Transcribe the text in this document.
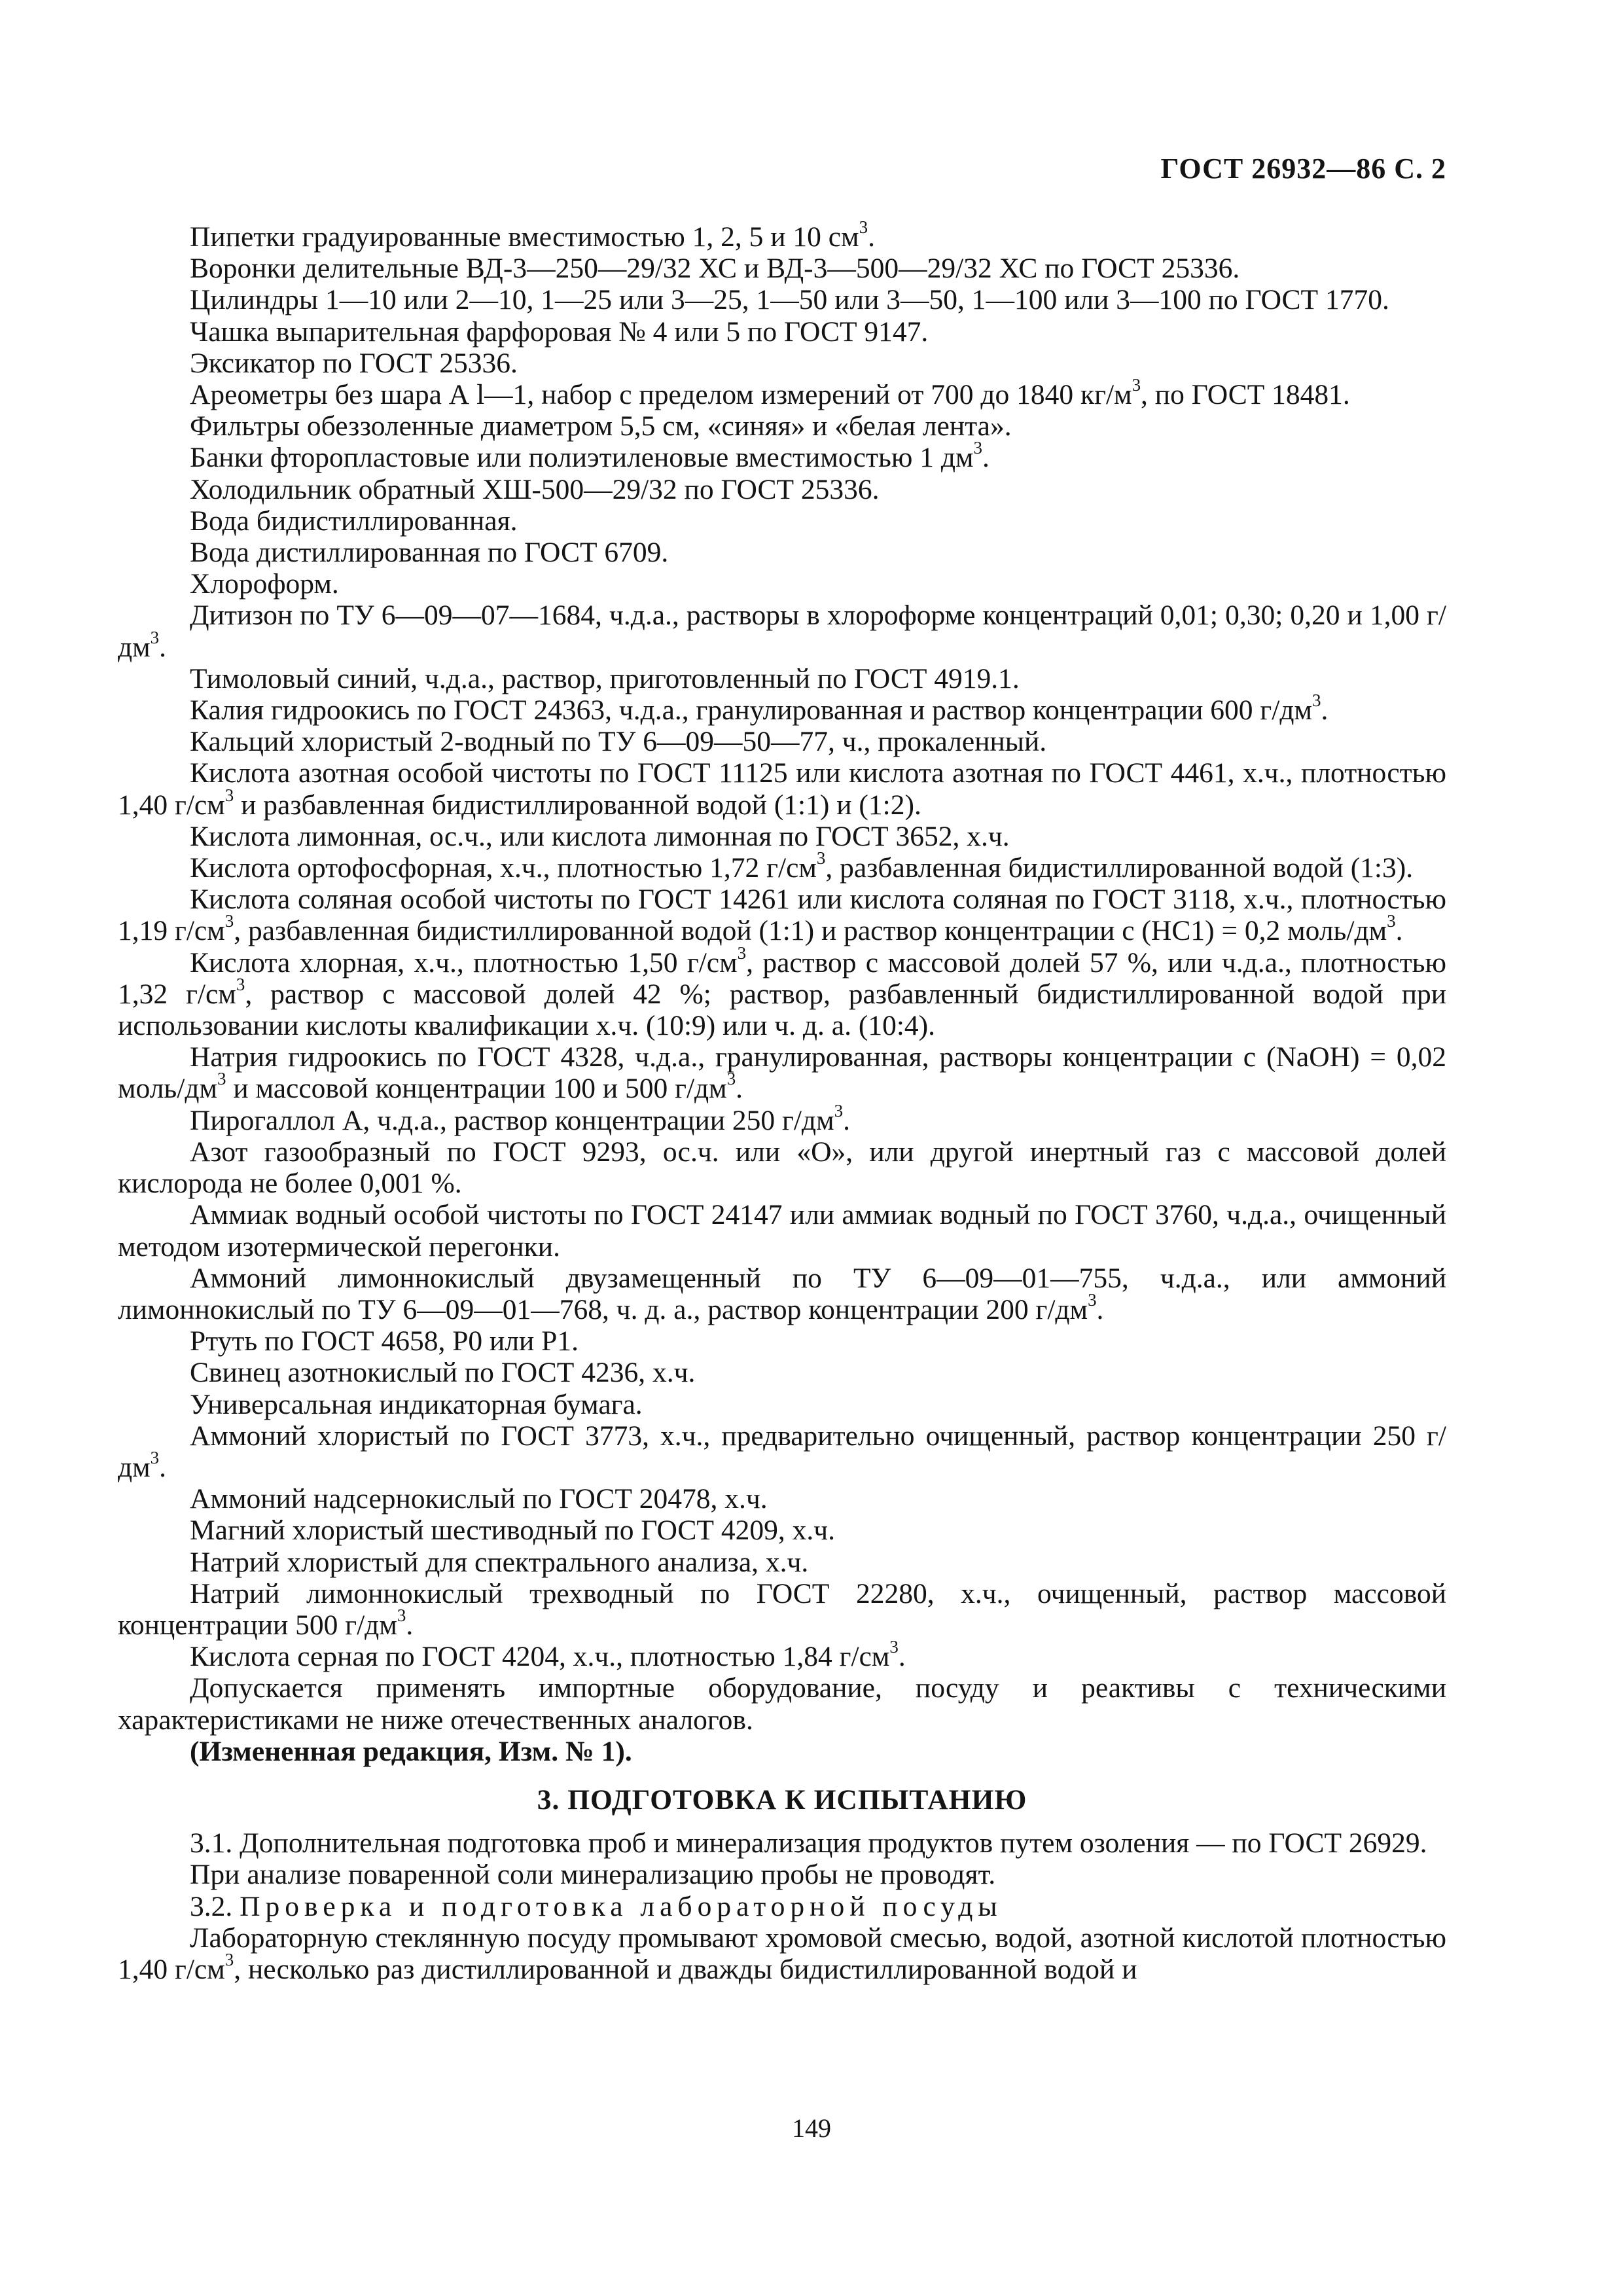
ГОСТ 26932—86 С. 2

Пипетки градуированные вместимостью 1, 2, 5 и 10 $см^3$.

Воронки делительные ВД-3—250—29/32 ХС и ВД-3—500—29/32 ХС по ГОСТ 25336.

Цилиндры 1—10 или 2—10, 1—25 или 3—25, 1—50 или 3—50, 1—100 или 3—100 по ГОСТ 1770.

Чашка выпарительная фарфоровая № 4 или 5 по ГОСТ 9147.

Эксикатор по ГОСТ 25336.

Ареометры без шара А l—1, набор с пределом измерений от 700 до 1840 $кг/м^3$, по ГОСТ 18481.

Фильтры обеззоленные диаметром 5,5 см, «синяя» и «белая лента».

Банки фторопластовые или полиэтиленовые вместимостью 1 $дм^3$.

Холодильник обратный ХШ-500—29/32 по ГОСТ 25336.

Вода бидистиллированная.

Вода дистиллированная по ГОСТ 6709.

Хлороформ.

Дитизон по ТУ 6—09—07—1684, ч.д.а., растворы в хлороформе концентраций 0,01; 0,30; 0,20 и 1,00 $г/дм^3$.

Тимоловый синий, ч.д.а., раствор, приготовленный по ГОСТ 4919.1.

Калия гидроокись по ГОСТ 24363, ч.д.а., гранулированная и раствор концентрации 600 $г/дм^3$.

Кальций хлористый 2-водный по ТУ 6—09—50—77, ч., прокаленный.

Кислота азотная особой чистоты по ГОСТ 11125 или кислота азотная по ГОСТ 4461, х.ч., плотностью 1,40 $г/см^3$ и разбавленная бидистиллированной водой (1:1) и (1:2).

Кислота лимонная, ос.ч., или кислота лимонная по ГОСТ 3652, х.ч.

Кислота ортофосфорная, х.ч., плотностью 1,72 $г/см^3$, разбавленная бидистиллированной водой (1:3).

Кислота соляная особой чистоты по ГОСТ 14261 или кислота соляная по ГОСТ 3118, х.ч., плотностью 1,19 $г/см^3$, разбавленная бидистиллированной водой (1:1) и раствор концентрации с (НС1) = 0,2 моль/$дм^3$.

Кислота хлорная, х.ч., плотностью 1,50 $г/см^3$, раствор с массовой долей 57 %, или ч.д.а., плотностью 1,32 $г/см^3$, раствор с массовой долей 42 %; раствор, разбавленный бидистиллированной водой при использовании кислоты квалификации х.ч. (10:9) или ч. д. а. (10:4).

Натрия гидроокись по ГОСТ 4328, ч.д.а., гранулированная, растворы концентрации с (NaOH) = 0,02 моль/$дм^3$ и массовой концентрации 100 и 500 $г/дм^3$.

Пирогаллол А, ч.д.а., раствор концентрации 250 $г/дм^3$.

Азот газообразный по ГОСТ 9293, ос.ч. или «О», или другой инертный газ с массовой долей кислорода не более 0,001 %.

Аммиак водный особой чистоты по ГОСТ 24147 или аммиак водный по ГОСТ 3760, ч.д.а., очищенный методом изотермической перегонки.

Аммоний лимоннокислый двузамещенный по ТУ 6—09—01—755, ч.д.а., или аммоний лимоннокислый по ТУ 6—09—01—768, ч. д. а., раствор концентрации 200 $г/дм^3$.

Ртуть по ГОСТ 4658, Р0 или Р1.

Свинец азотнокислый по ГОСТ 4236, х.ч.

Универсальная индикаторная бумага.

Аммоний хлористый по ГОСТ 3773, х.ч., предварительно очищенный, раствор концентрации 250 $г/дм^3$.

Аммоний надсернокислый по ГОСТ 20478, х.ч.

Магний хлористый шестиводный по ГОСТ 4209, х.ч.

Натрий хлористый для спектрального анализа, х.ч.

Натрий лимоннокислый трехводный по ГОСТ 22280, х.ч., очищенный, раствор массовой концентрации 500 $г/дм^3$.

Кислота серная по ГОСТ 4204, х.ч., плотностью 1,84 $г/см^3$.

Допускается применять импортные оборудование, посуду и реактивы с техническими характеристиками не ниже отечественных аналогов.

(Измененная редакция, Изм. № 1).

3. ПОДГОТОВКА К ИСПЫТАНИЮ

3.1. Дополнительная подготовка проб и минерализация продуктов путем озоления — по ГОСТ 26929.

При анализе поваренной соли минерализацию пробы не проводят.

3.2. Проверка и подготовка лабораторной посуды

Лабораторную стеклянную посуду промывают хромовой смесью, водой, азотной кислотой плотностью 1,40 $г/см^3$, несколько раз дистиллированной и дважды бидистиллированной водой и

149
